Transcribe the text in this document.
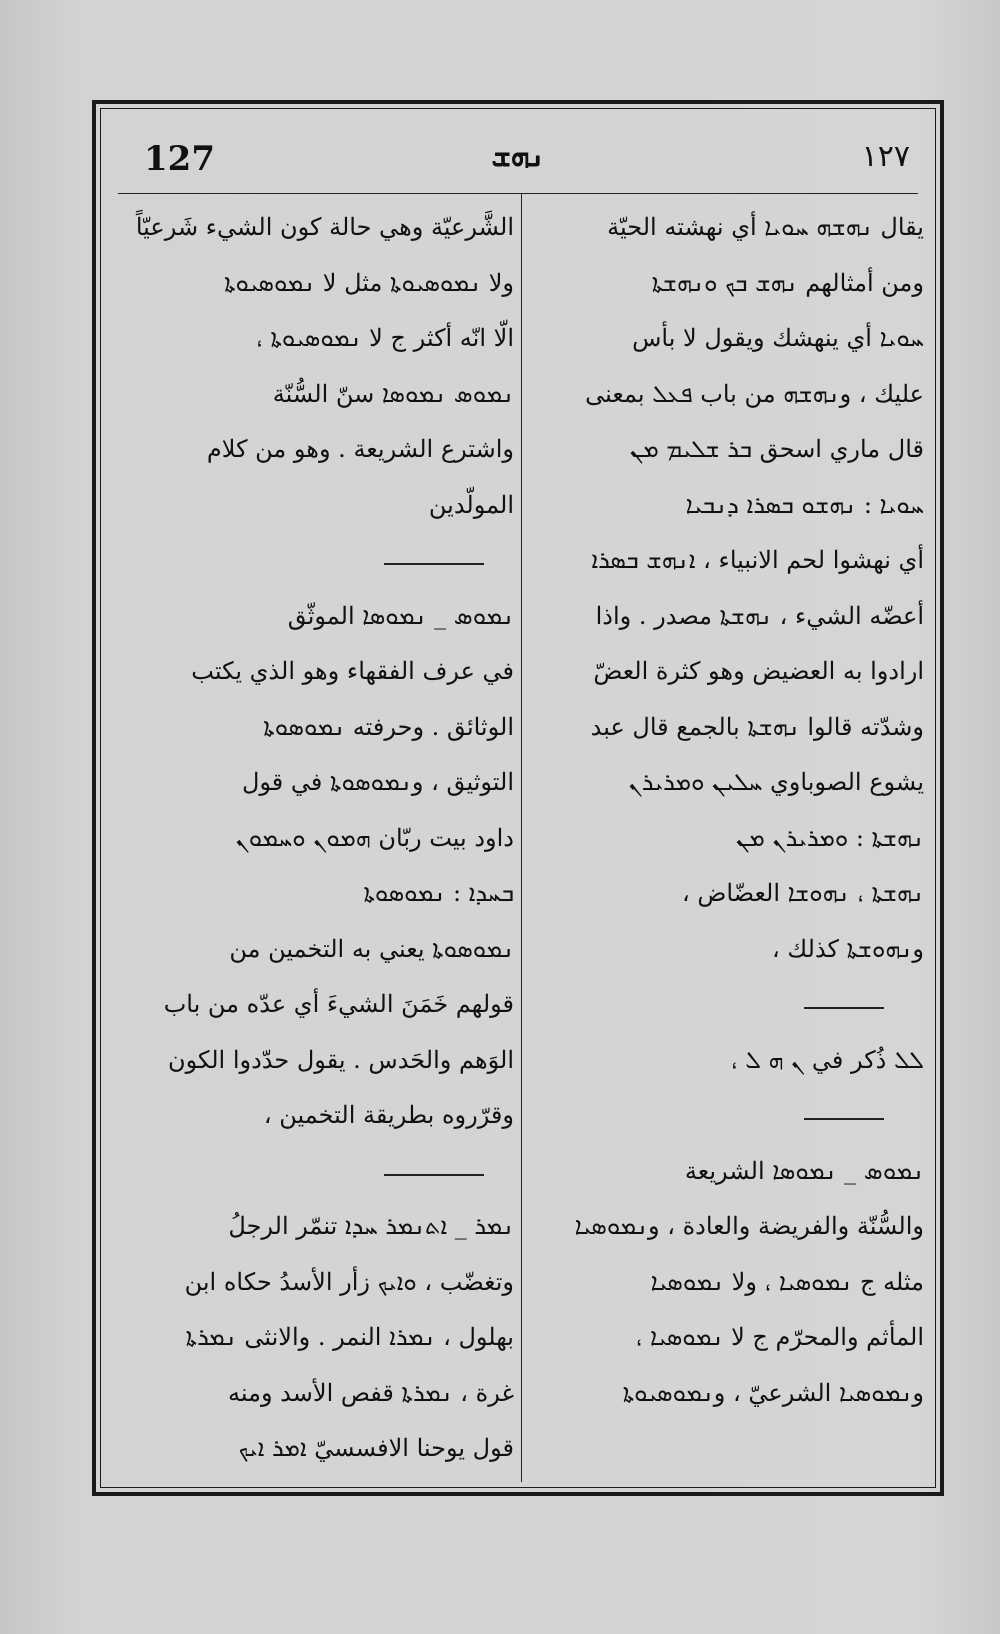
127	ܢܗܫ	١٢٧
يقال ܢܗܫܗ ܚܘܝܐ أي نهشته الحيّة
ومن أمثالهم ܢܗܫ ܒܟ ܘܢܗܫܬܐ
ܚܘܝܐ أي ينهشك ويقول لا بأس
عليك ، وܢܗܫܗ من باب ܦܥܠ بمعنى
قال ماري اسحق ܒܪ ܫܠܝܡ ܡܢ
ܚܘܝܐ : ܢܗܫܘ ܒܣܪܐ ܕܢܒܝܐ
أي نهشوا لحم الانبياء ، ܐܢܗܫ ܒܣܪܐ
أعضّه الشيء ، ܢܗܫܬܐ مصدر . واذا
ارادوا به العضيض وهو كثرة العضّ
وشدّته قالوا ܢܗܫܬܐ بالجمع قال عبد
يشوع الصوباوي ܚܠܝܢ ܘܡܪܝܪܢ
ܢܗܫܬܐ : ܘܡܪܝܪܢ ܡܢ
ܢܗܫܬܐ ، ܢܗܘܫܐ العضّاض ،
وܢܗܘܫܬܐ كذلك ،
ܠܠ ذُكر في ܢ ܗ ܠ ،
ܢܡܘܣ _ ܢܡܘܣܐ الشريعة
والسُّنّة والفريضة والعادة ، وܢܡܘܣܝܐ
مثله ج ܢܡܘܣܝܐ ، ولا ܢܡܘܣܝܐ
المأثم والمحرّم ج لا ܢܡܘܣܝܐ ،
وܢܡܘܣܝܐ الشرعيّ ، وܢܡܘܣܝܘܬܐ
الشَّرعيّة وهي حالة كون الشيء شَرعيّاً
ولا ܢܡܘܣܝܘܬܐ مثل لا ܢܡܘܣܝܘܬܐ
الّا انّه أكثر ج لا ܢܡܘܣܝܘܬܐ ،
ܢܡܘܣ ܢܡܘܣܐ سنّ السُّنّة
واشترع الشريعة . وهو من كلام
المولّدين
ܢܡܘܣ _ ܢܡܘܣܐ الموثّق
في عرف الفقهاء وهو الذي يكتب
الوثائق . وحرفته ܢܡܘܣܘܬܐ
التوثيق ، وܢܡܘܣܘܬܐ في قول
داود بيت ربّان ܗܡܘܢ ܘܚܡܘܢ
ܒܚܕܐ : ܢܡܘܣܘܬܐ
ܢܡܘܣܘܬܐ يعني به التخمين من
قولهم خَمَنَ الشيءَ أي عدّه من باب
الوَهم والحَدس . يقول حدّدوا الكون
وقرّروه بطريقة التخمين ،
ܢܡܪ _ ܐܬܢܡܪ ܚܕܐ تنمّر الرجلُ
وتغضّب ، ܘܐܝܟ زأر الأسدُ حكاه ابن
بهلول ، ܢܡܪܐ النمر . والانثى ܢܡܪܬܐ
غرة ، ܢܡܪܬܐ قفص الأسد ومنه
قول يوحنا الافسسيّ ܐܡܪ ܐܝܟ
